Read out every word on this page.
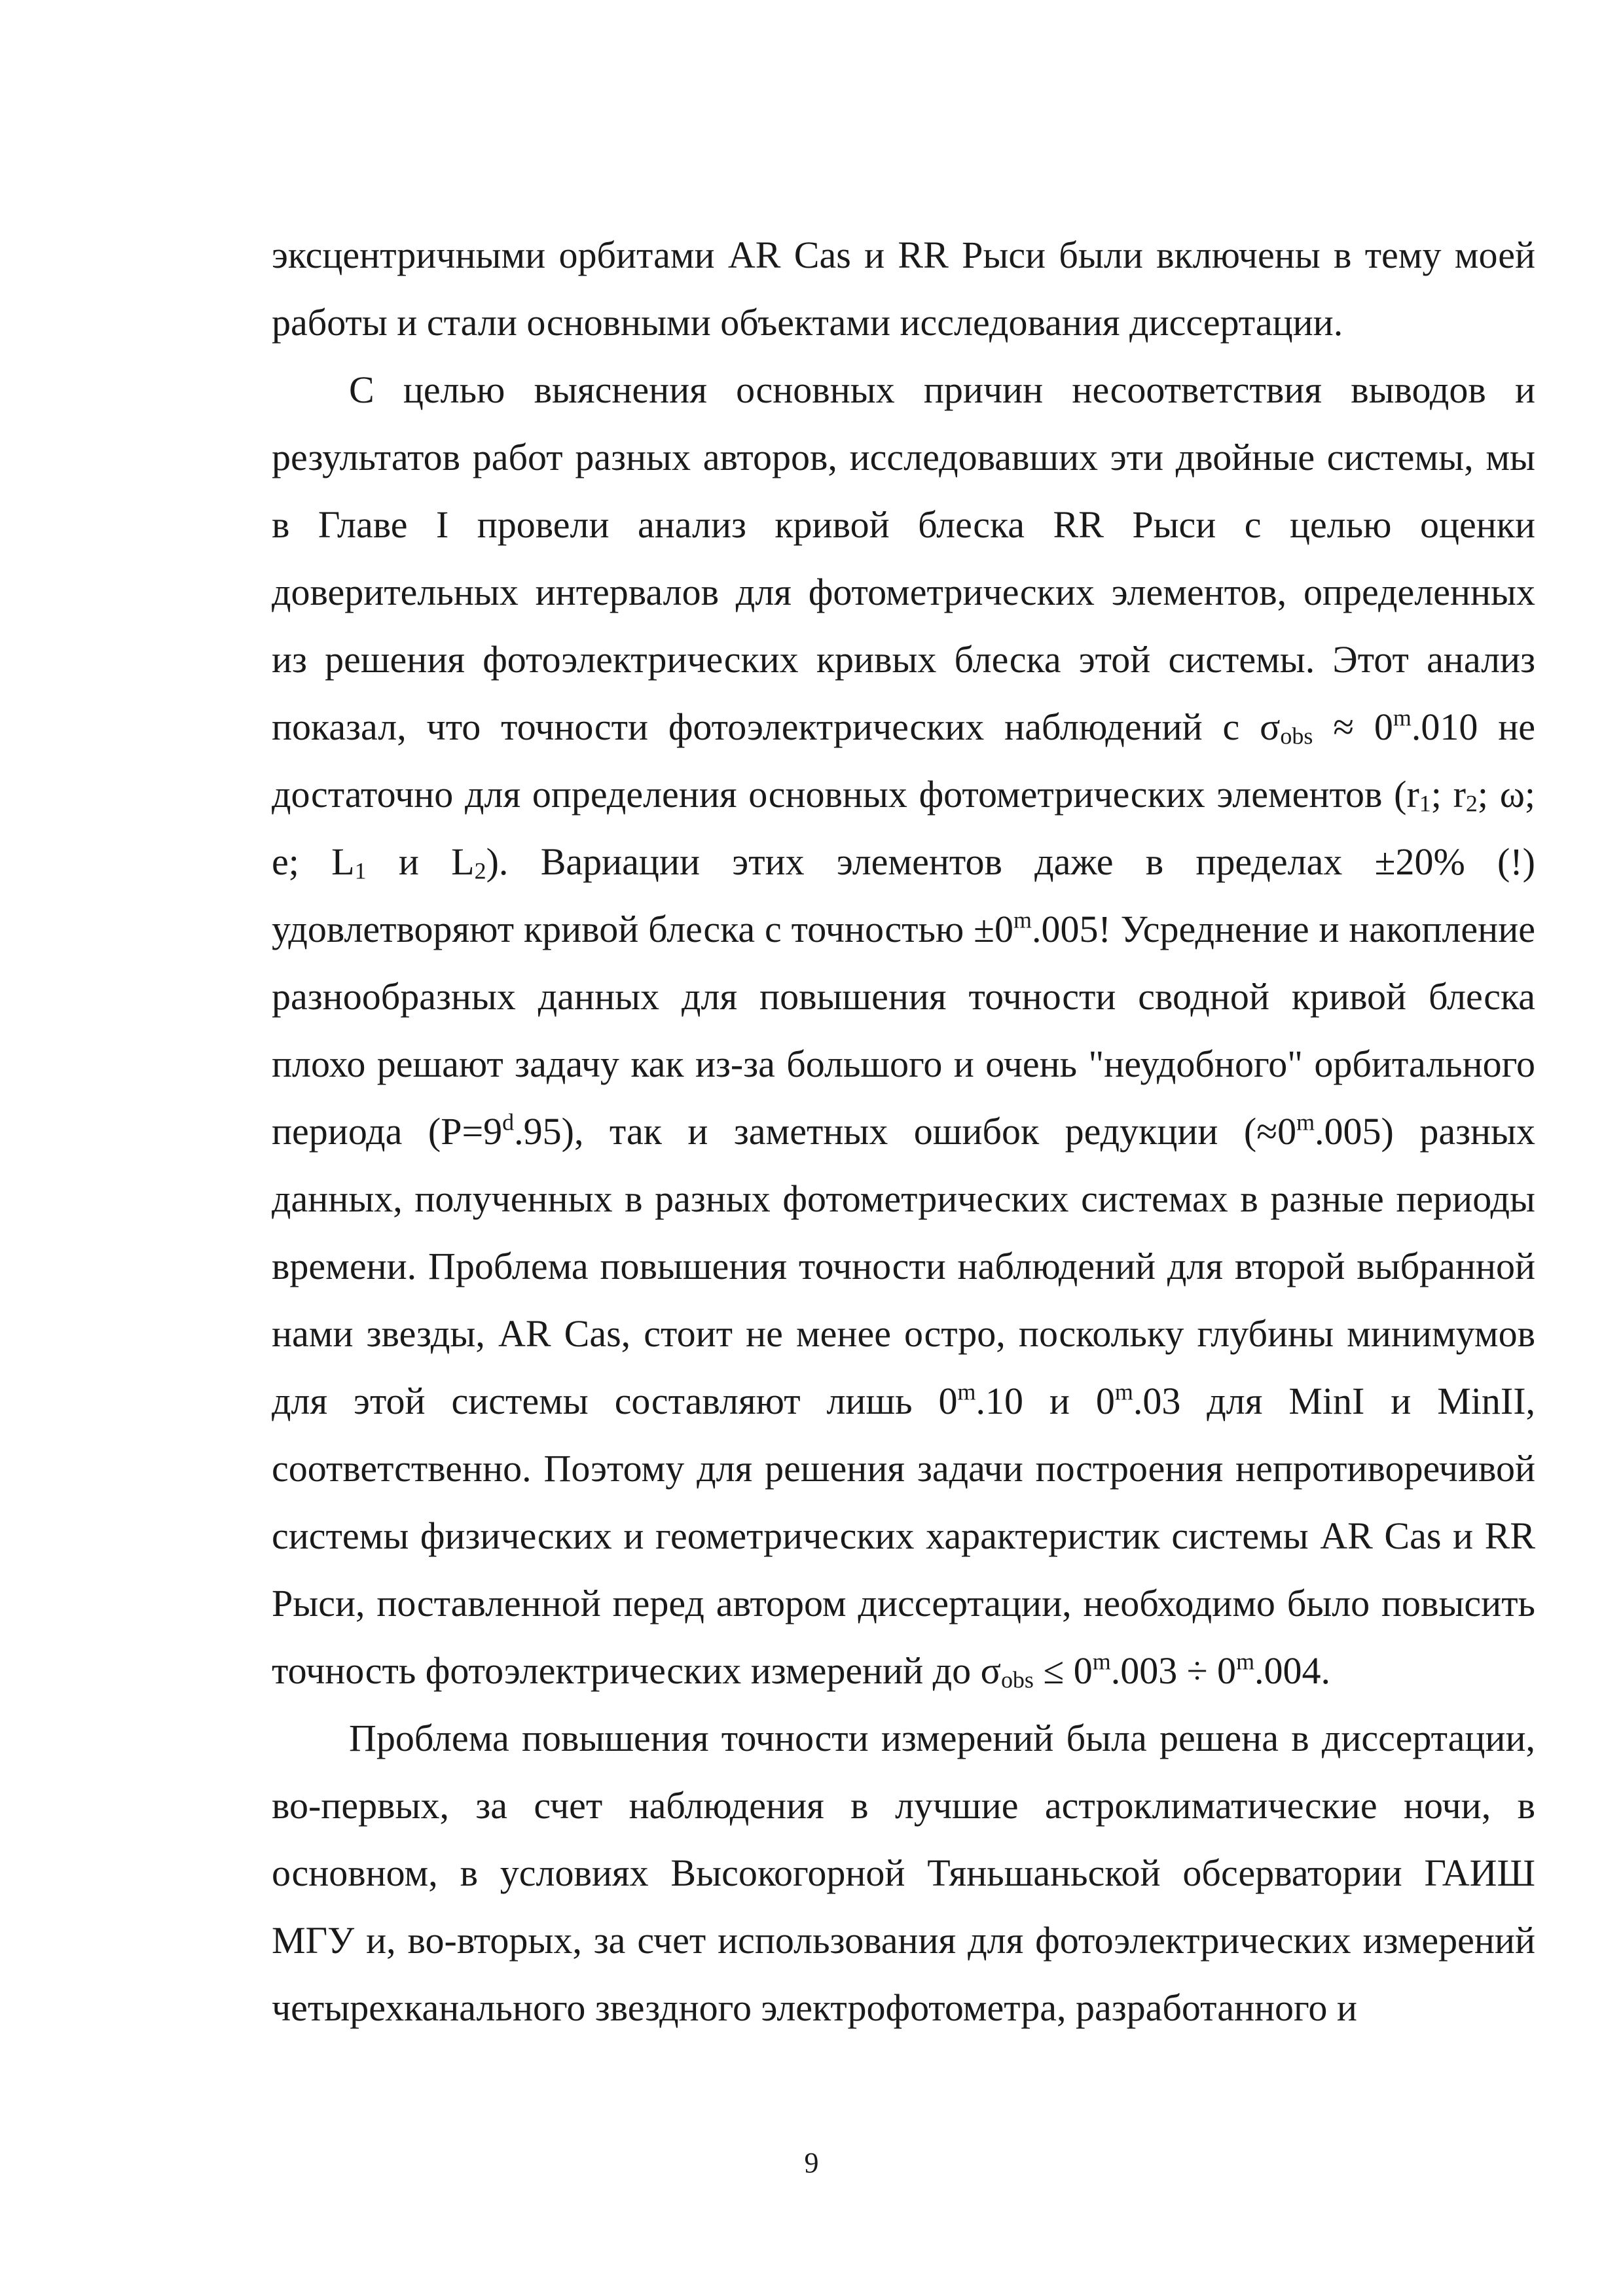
эксцентричными орбитами AR Cas и RR Рыси были включены в тему моей работы и стали основными объектами исследования диссертации.

С целью выяснения основных причин несоответствия выводов и результатов работ разных авторов, исследовавших эти двойные системы, мы в Главе I провели анализ кривой блеска RR Рыси с целью оценки доверительных интервалов для фотометрических элементов, определенных из решения фотоэлектрических кривых блеска этой системы. Этот анализ показал, что точности фотоэлектрических наблюдений с $\sigma_{obs} \approx 0^m.010$ не достаточно для определения основных фотометрических элементов ($r_1$; $r_2$; ω; e; $L_1$ и $L_2$). Вариации этих элементов даже в пределах ±20% (!) удовлетворяют кривой блеска с точностью $\pm 0^m.005$! Усреднение и накопление разнообразных данных для повышения точности сводной кривой блеска плохо решают задачу как из-за большого и очень "неудобного" орбитального периода $(P=9^d.95)$, так и заметных ошибок редукции $(\approx 0^m.005)$ разных данных, полученных в разных фотометрических системах в разные периоды времени. Проблема повышения точности наблюдений для второй выбранной нами звезды, AR Cas, стоит не менее остро, поскольку глубины минимумов для этой системы составляют лишь 0$^m$.10 и 0$^m$.03 для MinI и MinII, соответственно. Поэтому для решения задачи построения непротиворечивой системы физических и геометрических характеристик системы AR Cas и RR Рыси, поставленной перед автором диссертации, необходимо было повысить точность фотоэлектрических измерений до $\sigma_{obs} \le 0^m.003 \div 0^m.004$.

Проблема повышения точности измерений была решена в диссертации, во-первых, за счет наблюдения в лучшие астроклиматические ночи, в основном, в условиях Высокогорной Тяньшаньской обсерватории ГАИШ МГУ и, во-вторых, за счет использования для фотоэлектрических измерений четырехканального звездного электрофотометра, разработанного и

9
